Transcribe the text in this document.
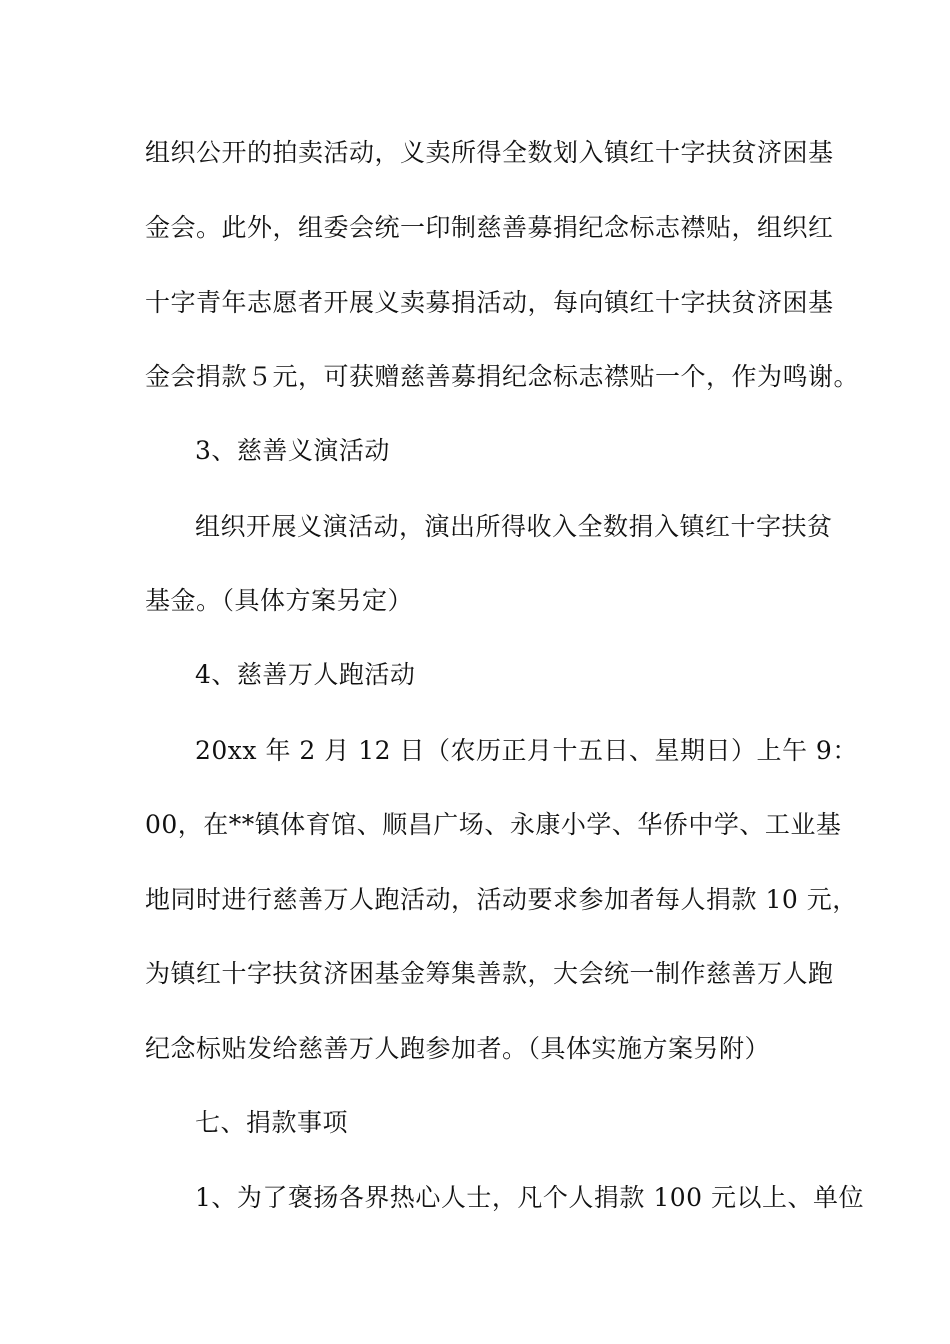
组织公开的拍卖活动，义卖所得全数划入镇红十字扶贫济困基
金会。此外，组委会统一印制慈善募捐纪念标志襟贴，组织红
十字青年志愿者开展义卖募捐活动，每向镇红十字扶贫济困基
金会捐款５元，可获赠慈善募捐纪念标志襟贴一个，作为鸣谢。
3、慈善义演活动
组织开展义演活动，演出所得收入全数捐入镇红十字扶贫
基金。（具体方案另定）
4、慈善万人跑活动
20xx 年 2 月 12 日（农历正月十五日、星期日）上午 9：
00，在**镇体育馆、顺昌广场、永康小学、华侨中学、工业基
地同时进行慈善万人跑活动，活动要求参加者每人捐款 10 元，
为镇红十字扶贫济困基金筹集善款，大会统一制作慈善万人跑
纪念标贴发给慈善万人跑参加者。（具体实施方案另附）
七、捐款事项
1、为了褒扬各界热心人士，凡个人捐款 100 元以上、单位
